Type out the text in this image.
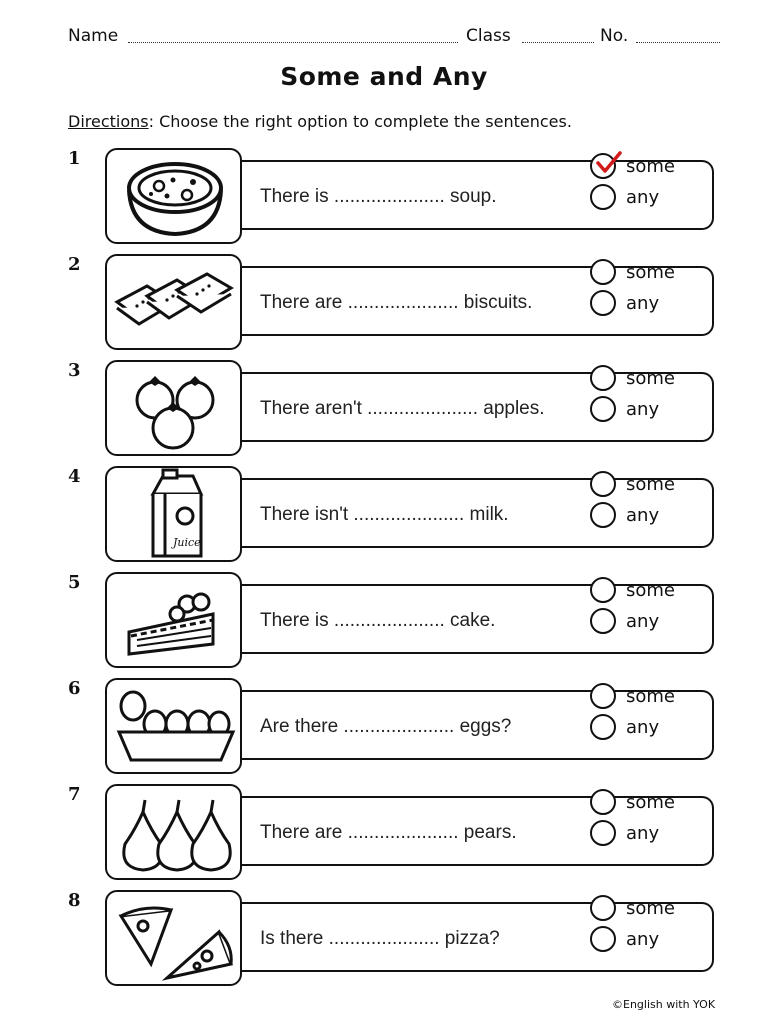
Name	Class	No.
Some and Any
Directions: Choose the right option to complete the sentences.
1
There is ..................... soup.
some
any
2
There are ..................... biscuits.
some
any
3
There aren't ..................... apples.
some
any
4
Juice
There isn't ..................... milk.
some
any
5
There is ..................... cake.
some
any
6
Are there ..................... eggs?
some
any
7
There are ..................... pears.
some
any
8
Is there ..................... pizza?
some
any
©English with YOK
